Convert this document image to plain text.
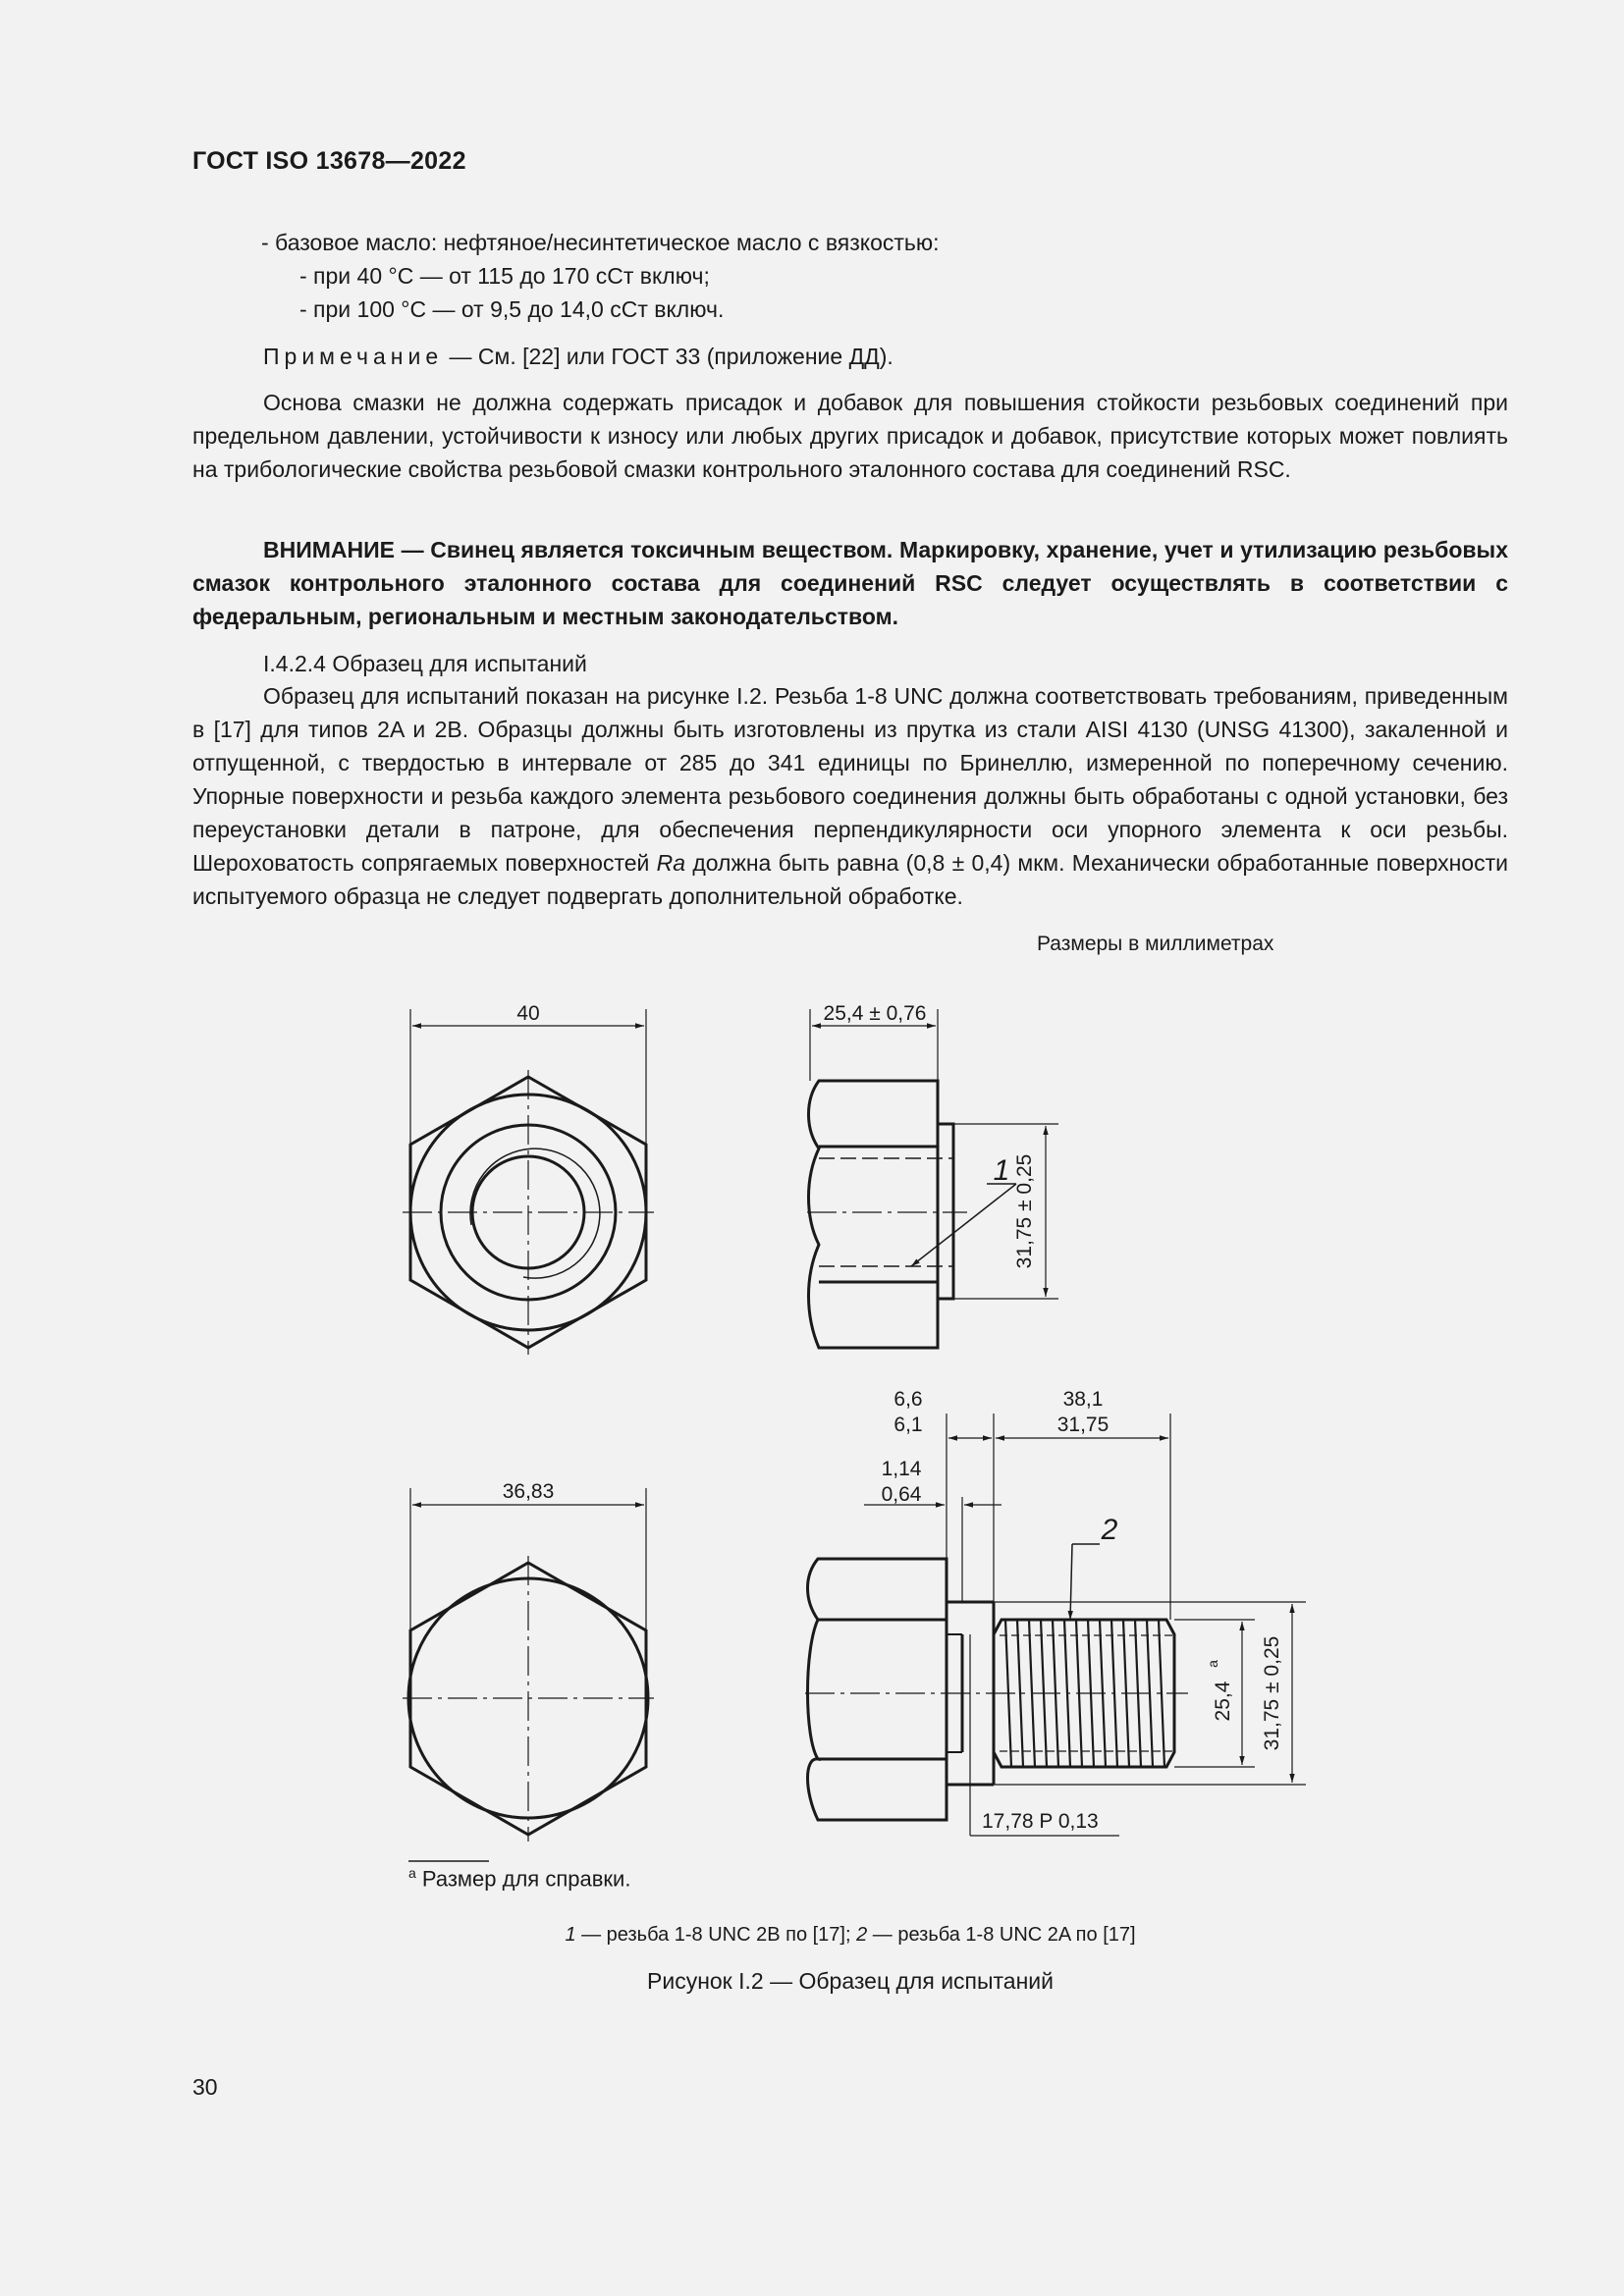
ГОСТ ISO 13678—2022
- базовое масло: нефтяное/несинтетическое масло с вязкостью:
- при 40 °C — от 115 до 170 сСт включ;
- при 100 °C — от 9,5 до 14,0 сСт включ.
Примечание — См. [22] или ГОСТ 33 (приложение ДД).

Основа смазки не должна содержать присадок и добавок для повышения стойкости резьбовых соединений при предельном давлении, устойчивости к износу или любых других присадок и добавок, присутствие которых может повлиять на трибологические свойства резьбовой смазки контрольного эталонного состава для соединений RSC.

ВНИМАНИЕ — Свинец является токсичным веществом. Маркировку, хранение, учет и утилизацию резьбовых смазок контрольного эталонного состава для соединений RSC следует осуществлять в соответствии с федеральным, региональным и местным законодательством.

I.4.2.4 Образец для испытаний

Образец для испытаний показан на рисунке I.2. Резьба 1-8 UNC должна соответствовать требованиям, приведенным в [17] для типов 2A и 2B. Образцы должны быть изготовлены из прутка из стали AISI 4130 (UNSG 41300), закаленной и отпущенной, с твердостью в интервале от 285 до 341 единицы по Бринеллю, измеренной по поперечному сечению. Упорные поверхности и резьба каждого элемента резьбового соединения должны быть обработаны с одной установки, без переустановки детали в патроне, для обеспечения перпендикулярности оси упорного элемента к оси резьбы. Шероховатость сопрягаемых поверхностей Ra должна быть равна (0,8 ± 0,4) мкм. Механически обработанные поверхности испытуемого образца не следует подвергать дополнительной обработке.

Размеры в миллиметрах
40	25,4 ± 0,76
31,75 ± 0,25
1
36,83
6,6
6,1
38,1
31,75
1,14
0,64
2
25,4
a 31,75 ± 0,25
17,78 P 0,13
$^a$ Размер для справки.
1 — резьба 1-8 UNC 2B по [17]; 2 — резьба 1-8 UNC 2A по [17]
Рисунок I.2 — Образец для испытаний
30
